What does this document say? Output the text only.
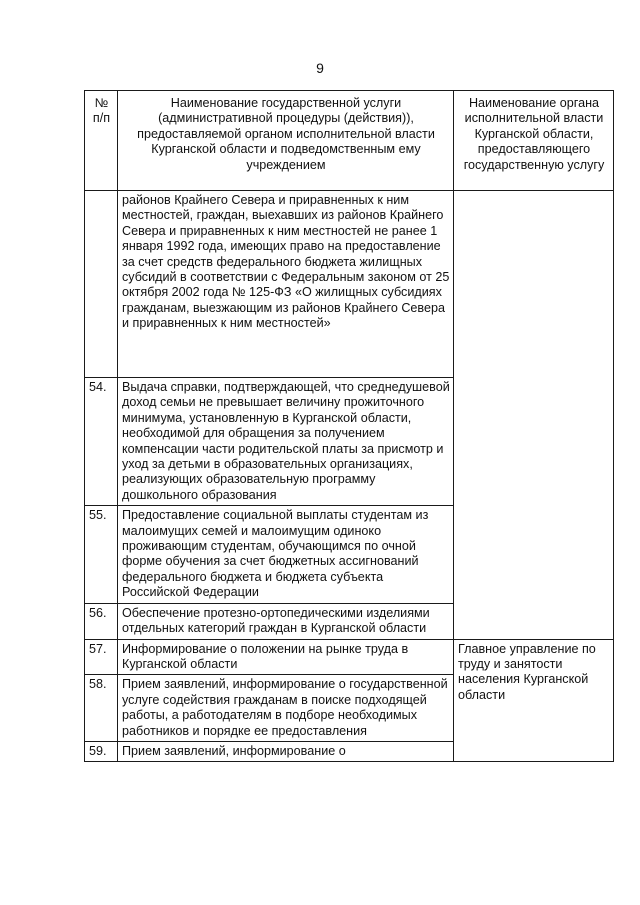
9
№ п/п	Наименование государственной услуги (административной процедуры (действия)), предоставляемой органом исполнительной власти Курганской области и подведомственным ему учреждением	Наименование органа исполнительной власти Курганской области, предоставляющего государственную услугу
	районов Крайнего Севера и приравненных к ним местностей, граждан, выехавших из районов Крайнего Севера и приравненных к ним местностей не ранее 1 января 1992 года, имеющих право на предоставление за счет средств федерального бюджета жилищных субсидий в соответствии с Федеральным законом от 25 октября 2002 года № 125-ФЗ «О жилищных субсидиях гражданам, выезжающим из районов Крайнего Севера и приравненных к ним местностей»	
54.	Выдача справки, подтверждающей, что среднедушевой доход семьи не превышает величину прожиточного минимума, установленную в Курганской области, необходимой для обращения за получением компенсации части родительской платы за присмотр и уход за детьми в образовательных организациях, реализующих образовательную программу дошкольного образования	
55.	Предоставление социальной выплаты студентам из малоимущих семей и малоимущим одиноко проживающим студентам, обучающимся по очной форме обучения за счет бюджетных ассигнований федерального бюджета и бюджета субъекта Российской Федерации	
56.	Обеспечение протезно-ортопедическими изделиями отдельных категорий граждан в Курганской области	
57.	Информирование о положении на рынке труда в Курганской области	Главное управление по труду и занятости населения Курганской области
58.	Прием заявлений, информирование о государственной услуге содействия гражданам в поиске подходящей работы, а работодателям в подборе необходимых работников и порядке ее предоставления	
59.	Прием заявлений, информирование о	
